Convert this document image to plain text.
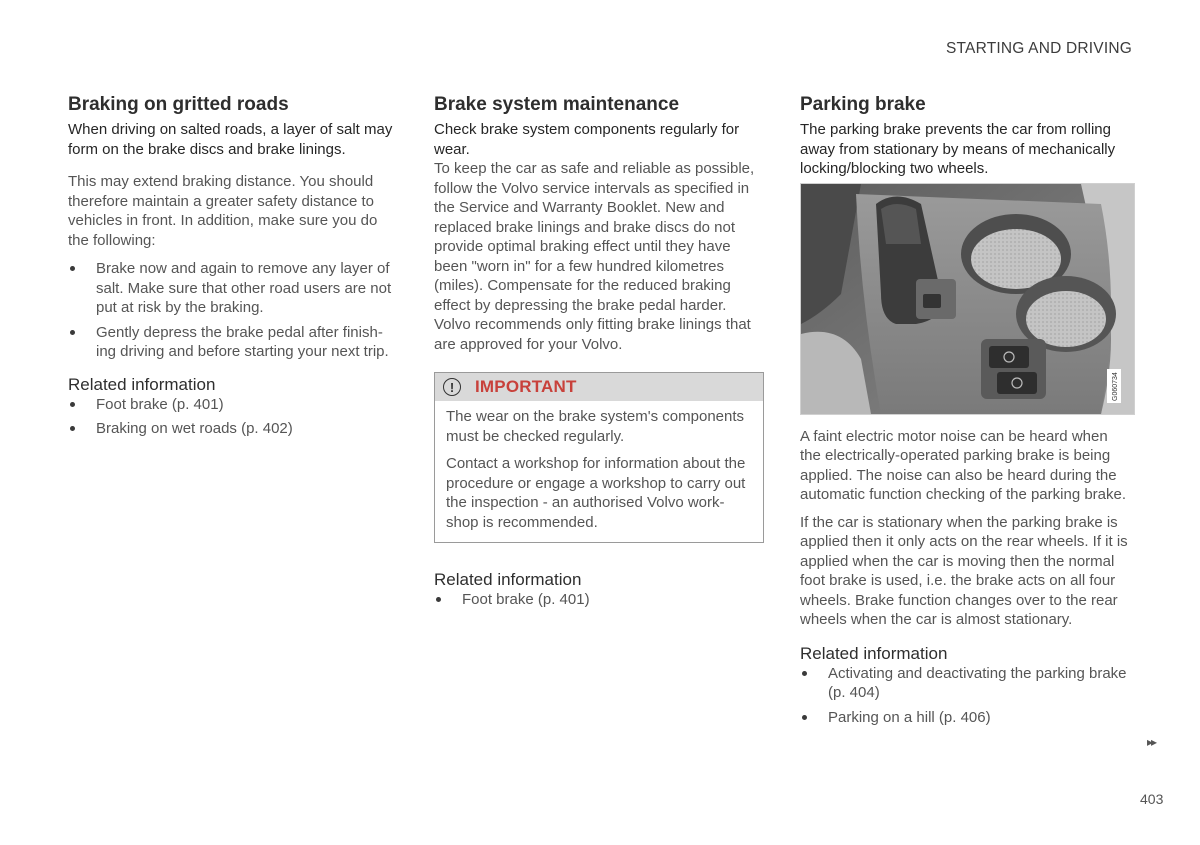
STARTING AND DRIVING
Braking on gritted roads

When driving on salted roads, a layer of salt may form on the brake discs and brake linings.

This may extend braking distance. You should therefore maintain a greater safety distance to vehicles in front. In addition, make sure you do the following:

Brake now and again to remove any layer of salt. Make sure that other road users are not put at risk by the braking.
Gently depress the brake pedal after finish- ing driving and before starting your next trip.
Related information
Foot brake (p. 401)
Braking on wet roads (p. 402)
Brake system maintenance

Check brake system components regularly for wear.

To keep the car as safe and reliable as possible, follow the Volvo service intervals as specified in the Service and Warranty Booklet. New and replaced brake linings and brake discs do not provide optimal braking effect until they have been "worn in" for a few hundred kilometres (miles). Compensate for the reduced braking effect by depressing the brake pedal harder. Volvo recommends only fitting brake linings that are approved for your Volvo.

!	IMPORTANT

The wear on the brake system's components must be checked regularly.

Contact a workshop for information about the procedure or engage a workshop to carry out the inspection - an authorised Volvo work- shop is recommended.

Related information
Foot brake (p. 401)
Parking brake

The parking brake prevents the car from rolling away from stationary by means of mechanically locking/blocking two wheels.

G060734

A faint electric motor noise can be heard when the electrically-operated parking brake is being applied. The noise can also be heard during the automatic function checking of the parking brake.

If the car is stationary when the parking brake is applied then it only acts on the rear wheels. If it is applied when the car is moving then the normal foot brake is used, i.e. the brake acts on all four wheels. Brake function changes over to the rear wheels when the car is almost stationary.

Related information
Activating and deactivating the parking brake (p. 404)
Parking on a hill (p. 406)
▸▸
403
